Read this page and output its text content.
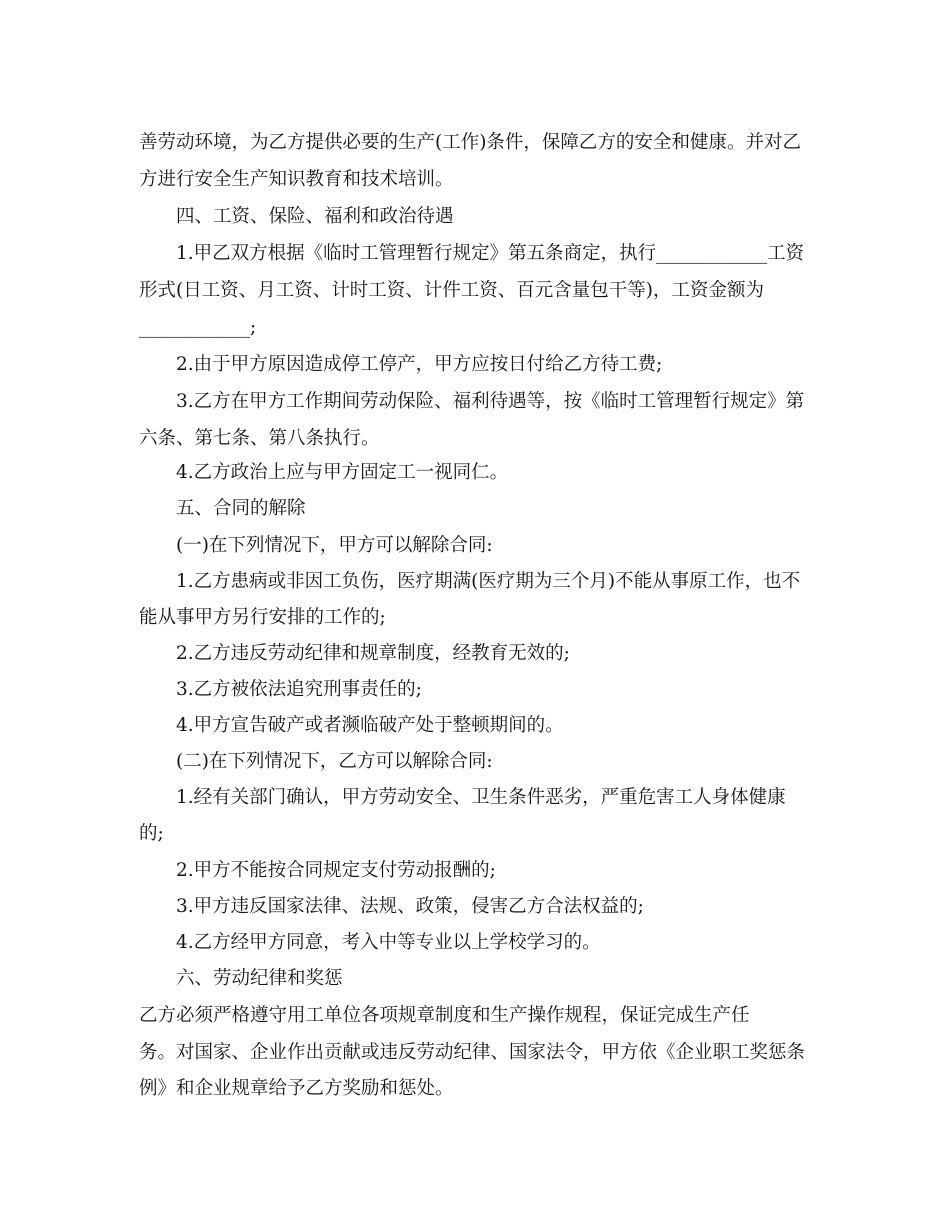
善劳动环境，为乙方提供必要的生产(工作)条件，保障乙方的安全和健康。并对乙
方进行安全生产知识教育和技术培训。
四、工资、保险、福利和政治待遇
1.甲乙双方根据《临时工管理暂行规定》第五条商定，执行____________工资
形式(日工资、月工资、计时工资、计件工资、百元含量包干等)，工资金额为
____________;
2.由于甲方原因造成停工停产，甲方应按日付给乙方待工费;
3.乙方在甲方工作期间劳动保险、福利待遇等，按《临时工管理暂行规定》第
六条、第七条、第八条执行。
4.乙方政治上应与甲方固定工一视同仁。
五、合同的解除
(一)在下列情况下，甲方可以解除合同:
1.乙方患病或非因工负伤，医疗期满(医疗期为三个月)不能从事原工作，也不
能从事甲方另行安排的工作的;
2.乙方违反劳动纪律和规章制度，经教育无效的;
3.乙方被依法追究刑事责任的;
4.甲方宣告破产或者濒临破产处于整顿期间的。
(二)在下列情况下，乙方可以解除合同:
1.经有关部门确认，甲方劳动安全、卫生条件恶劣，严重危害工人身体健康
的;
2.甲方不能按合同规定支付劳动报酬的;
3.甲方违反国家法律、法规、政策，侵害乙方合法权益的;
4.乙方经甲方同意，考入中等专业以上学校学习的。
六、劳动纪律和奖惩
乙方必须严格遵守用工单位各项规章制度和生产操作规程，保证完成生产任
务。对国家、企业作出贡献或违反劳动纪律、国家法令，甲方依《企业职工奖惩条
例》和企业规章给予乙方奖励和惩处。
